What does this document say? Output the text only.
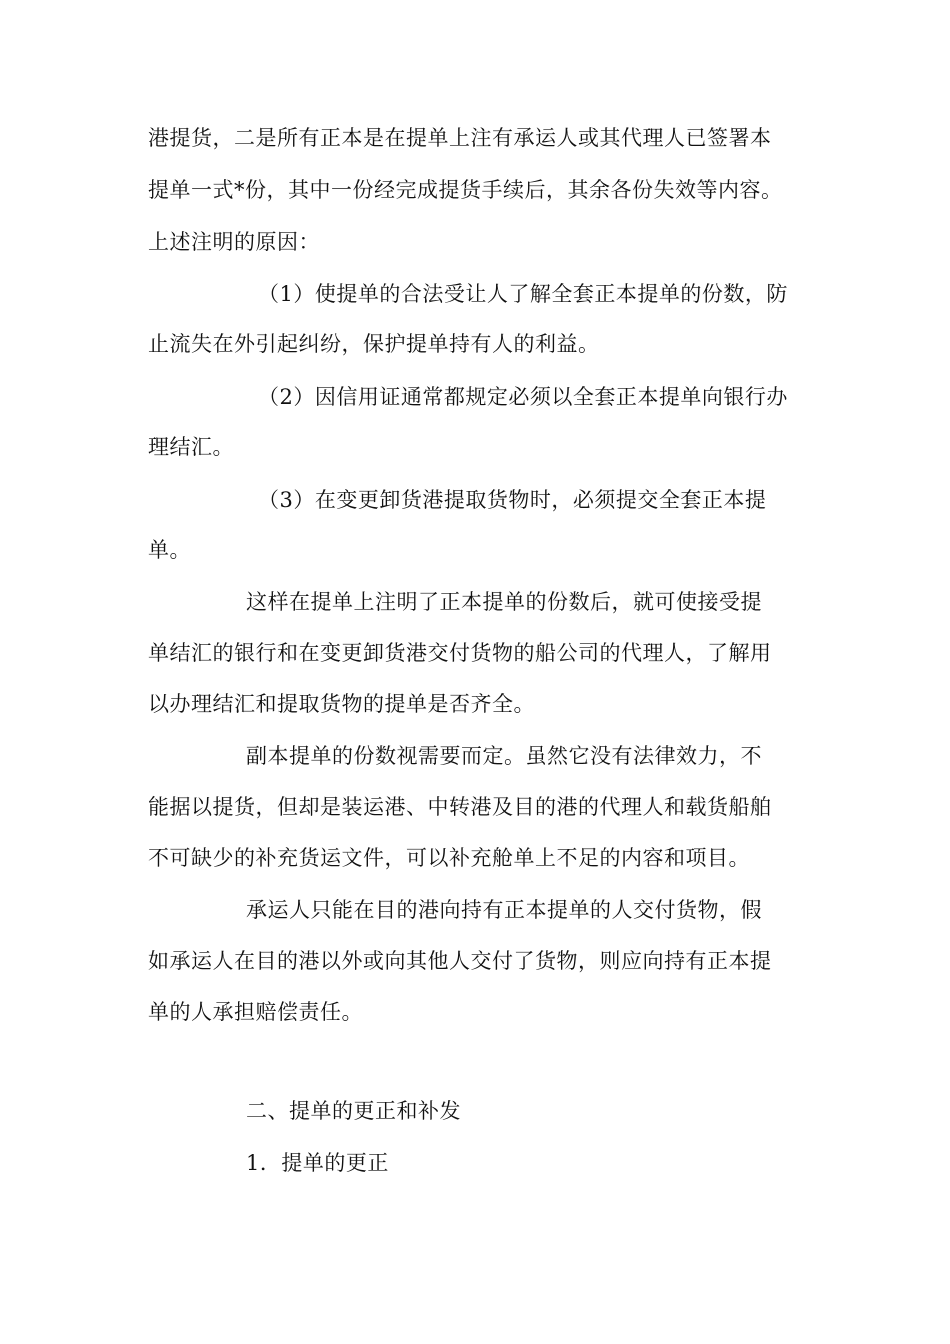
港提货，二是所有正本是在提单上注有承运人或其代理人已签署本
提单一式*份，其中一份经完成提货手续后，其余各份失效等内容。
上述注明的原因：
（1）使提单的合法受让人了解全套正本提单的份数，防
止流失在外引起纠纷，保护提单持有人的利益。
（2）因信用证通常都规定必须以全套正本提单向银行办
理结汇。
（3）在变更卸货港提取货物时，必须提交全套正本提
单。
这样在提单上注明了正本提单的份数后，就可使接受提
单结汇的银行和在变更卸货港交付货物的船公司的代理人，了解用
以办理结汇和提取货物的提单是否齐全。
副本提单的份数视需要而定。虽然它没有法律效力，不
能据以提货，但却是装运港、中转港及目的港的代理人和载货船舶
不可缺少的补充货运文件，可以补充舱单上不足的内容和项目。
承运人只能在目的港向持有正本提单的人交付货物，假
如承运人在目的港以外或向其他人交付了货物，则应向持有正本提
单的人承担赔偿责任。
二、提单的更正和补发
1．提单的更正
